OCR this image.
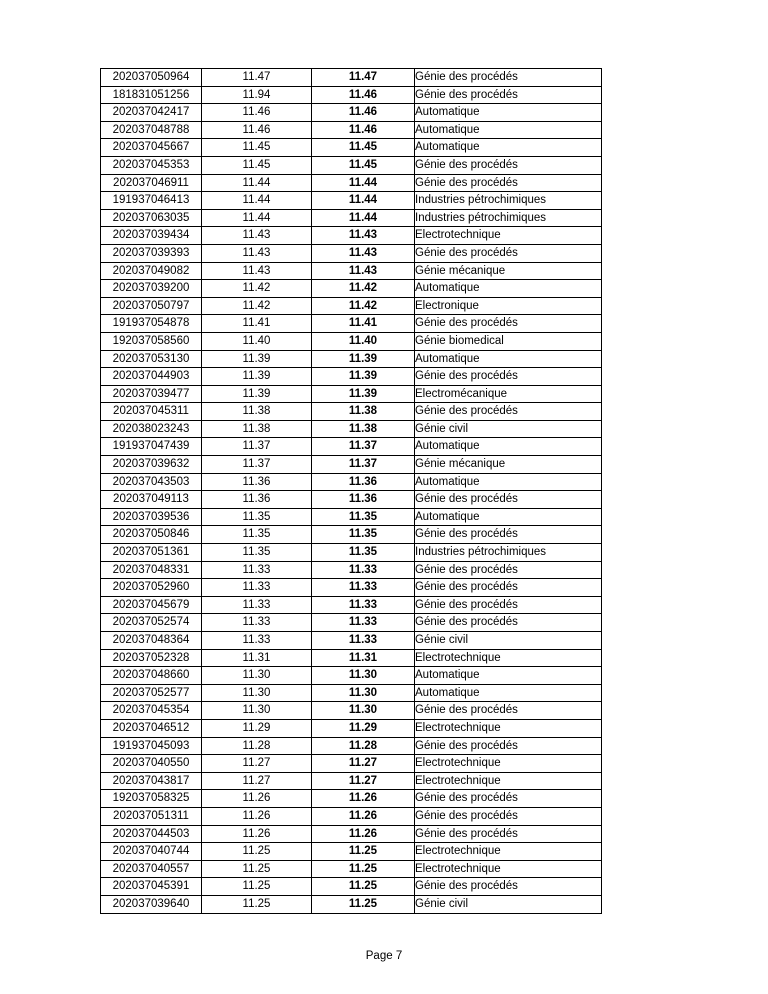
202037050964	11.47	11.47	Génie des procédés
181831051256	11.94	11.46	Génie des procédés
202037042417	11.46	11.46	Automatique
202037048788	11.46	11.46	Automatique
202037045667	11.45	11.45	Automatique
202037045353	11.45	11.45	Génie des procédés
202037046911	11.44	11.44	Génie des procédés
191937046413	11.44	11.44	Industries pétrochimiques
202037063035	11.44	11.44	Industries pétrochimiques
202037039434	11.43	11.43	Electrotechnique
202037039393	11.43	11.43	Génie des procédés
202037049082	11.43	11.43	Génie mécanique
202037039200	11.42	11.42	Automatique
202037050797	11.42	11.42	Electronique
191937054878	11.41	11.41	Génie des procédés
192037058560	11.40	11.40	Génie biomedical
202037053130	11.39	11.39	Automatique
202037044903	11.39	11.39	Génie des procédés
202037039477	11.39	11.39	Electromécanique
202037045311	11.38	11.38	Génie des procédés
202038023243	11.38	11.38	Génie civil
191937047439	11.37	11.37	Automatique
202037039632	11.37	11.37	Génie mécanique
202037043503	11.36	11.36	Automatique
202037049113	11.36	11.36	Génie des procédés
202037039536	11.35	11.35	Automatique
202037050846	11.35	11.35	Génie des procédés
202037051361	11.35	11.35	Industries pétrochimiques
202037048331	11.33	11.33	Génie des procédés
202037052960	11.33	11.33	Génie des procédés
202037045679	11.33	11.33	Génie des procédés
202037052574	11.33	11.33	Génie des procédés
202037048364	11.33	11.33	Génie civil
202037052328	11.31	11.31	Electrotechnique
202037048660	11.30	11.30	Automatique
202037052577	11.30	11.30	Automatique
202037045354	11.30	11.30	Génie des procédés
202037046512	11.29	11.29	Electrotechnique
191937045093	11.28	11.28	Génie des procédés
202037040550	11.27	11.27	Electrotechnique
202037043817	11.27	11.27	Electrotechnique
192037058325	11.26	11.26	Génie des procédés
202037051311	11.26	11.26	Génie des procédés
202037044503	11.26	11.26	Génie des procédés
202037040744	11.25	11.25	Electrotechnique
202037040557	11.25	11.25	Electrotechnique
202037045391	11.25	11.25	Génie des procédés
202037039640	11.25	11.25	Génie civil
Page 7
